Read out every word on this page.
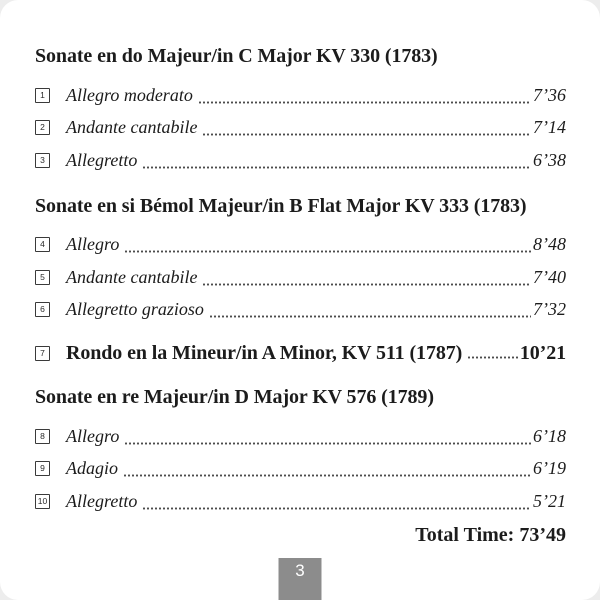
Sonate en do Majeur/in C Major KV 330 (1783)
1 Allegro moderato	7’36
2 Andante cantabile	7’14
3 Allegretto	6’38
Sonate en si Bémol Majeur/in B Flat Major KV 333 (1783)
4 Allegro	8’48
5 Andante cantabile	7’40
6 Allegretto grazioso	7’32
7 Rondo en la Mineur/in A Minor, KV 511 (1787)	10’21
Sonate en re Majeur/in D Major KV 576 (1789)
8 Allegro	6’18
9 Adagio	6’19
10 Allegretto	5’21
Total Time: 73’49
3
